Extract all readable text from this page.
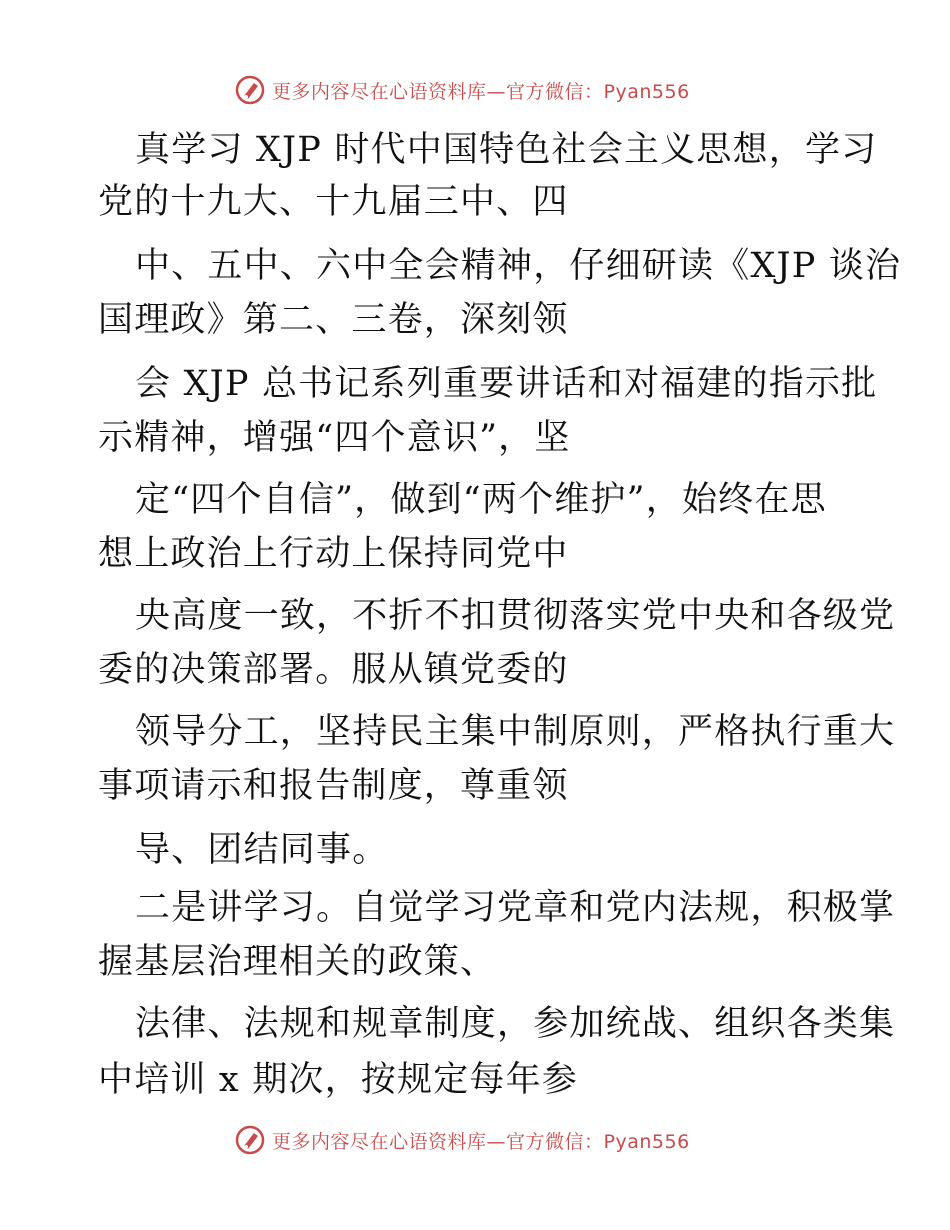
更多内容尽在心语资料库—官方微信：Pyan556
真学习 XJP 时代中国特色社会主义思想，学习
党的十九大、十九届三中、四
中、五中、六中全会精神，仔细研读《XJP 谈治
国理政》第二、三卷，深刻领
会 XJP 总书记系列重要讲话和对福建的指示批
示精神，增强“四个意识”，坚
定“四个自信”，做到“两个维护”，始终在思
想上政治上行动上保持同党中
央高度一致，不折不扣贯彻落实党中央和各级党
委的决策部署。服从镇党委的
领导分工，坚持民主集中制原则，严格执行重大
事项请示和报告制度，尊重领
导、团结同事。
二是讲学习。自觉学习党章和党内法规，积极掌
握基层治理相关的政策、
法律、法规和规章制度，参加统战、组织各类集
中培训 x 期次，按规定每年参
更多内容尽在心语资料库—官方微信：Pyan556
